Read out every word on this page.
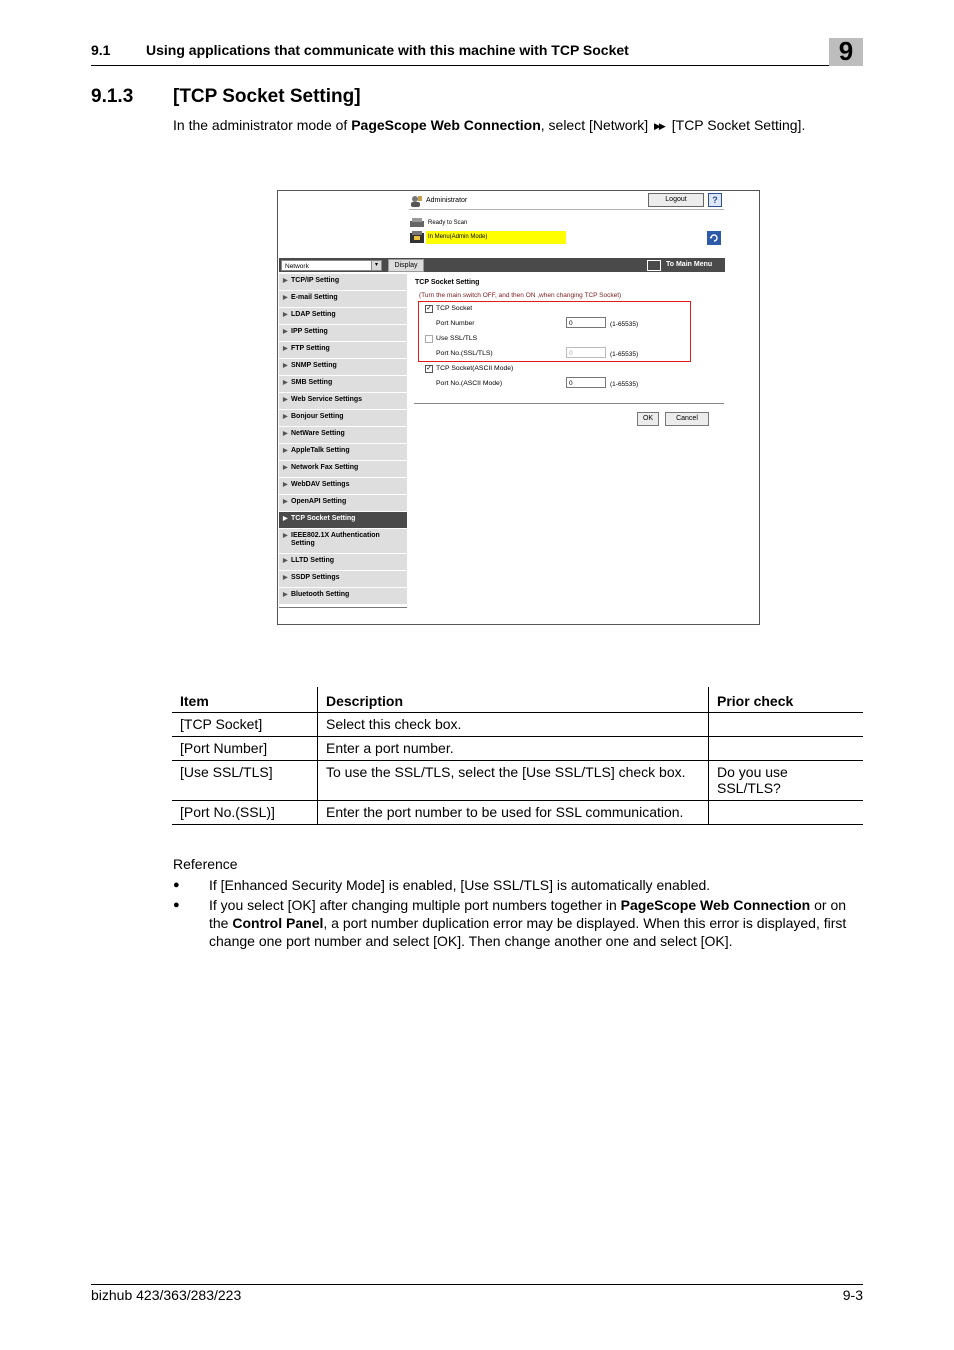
9.1	Using applications that communicate with this machine with TCP Socket	9
9.1.3 [TCP Socket Setting]
In the administrator mode of PageScope Web Connection, select [Network] ▶▶ [TCP Socket Setting].
Administrator	Logout	?
Ready to Scan
In Menu(Admin Mode)
Network	▾	Display	To Main Menu
▶ TCP/IP Setting
▶ E-mail Setting
▶ LDAP Setting
▶ IPP Setting
▶ FTP Setting
▶ SNMP Setting
▶ SMB Setting
▶ Web Service Settings
▶ Bonjour Setting
▶ NetWare Setting
▶ AppleTalk Setting
▶ Network Fax Setting
▶ WebDAV Settings
▶ OpenAPI Setting
▶ TCP Socket Setting
▶ IEEE802.1X Authentication Setting
▶ LLTD Setting
▶ SSDP Settings
▶ Bluetooth Setting
TCP Socket Setting
(Turn the main switch OFF, and then ON ,when changing TCP Socket)
✓ TCP Socket
Port Number	0	(1-65535)
Use SSL/TLS
Port No.(SSL/TLS)	0	(1-65535)
✓ TCP Socket(ASCII Mode)
Port No.(ASCII Mode)	0	(1-65535)
OK	Cancel
Item	Description	Prior check
[TCP Socket]	Select this check box.	
[Port Number]	Enter a port number.	
[Use SSL/TLS]	To use the SSL/TLS, select the [Use SSL/TLS] check box.	Do you use SSL/TLS?
[Port No.(SSL)]	Enter the port number to be used for SSL communication.	
Reference
● If [Enhanced Security Mode] is enabled, [Use SSL/TLS] is automatically enabled.
● If you select [OK] after changing multiple port numbers together in PageScope Web Connection or on the Control Panel, a port number duplication error may be displayed. When this error is displayed, first change one port number and select [OK]. Then change another one and select [OK].
bizhub 423/363/283/223	9-3
